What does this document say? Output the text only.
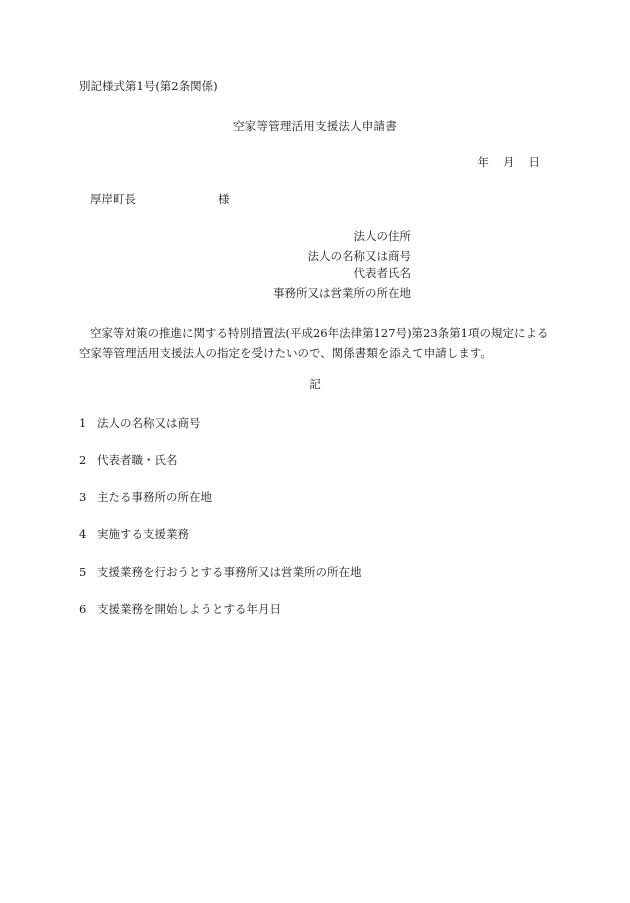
別記様式第1号(第2条関係)
空家等管理活用支援法人申請書
年 月 日
厚岸町長	様
法人の住所
法人の名称又は商号
代表者氏名
事務所又は営業所の所在地
空家等対策の推進に関する特別措置法(平成26年法律第127号)第23条第1項の規定による空家等管理活用支援法人の指定を受けたいので、関係書類を添えて申請します。
記
1 法人の名称又は商号
2 代表者職・氏名
3 主たる事務所の所在地
4 実施する支援業務
5 支援業務を行おうとする事務所又は営業所の所在地
6 支援業務を開始しようとする年月日
